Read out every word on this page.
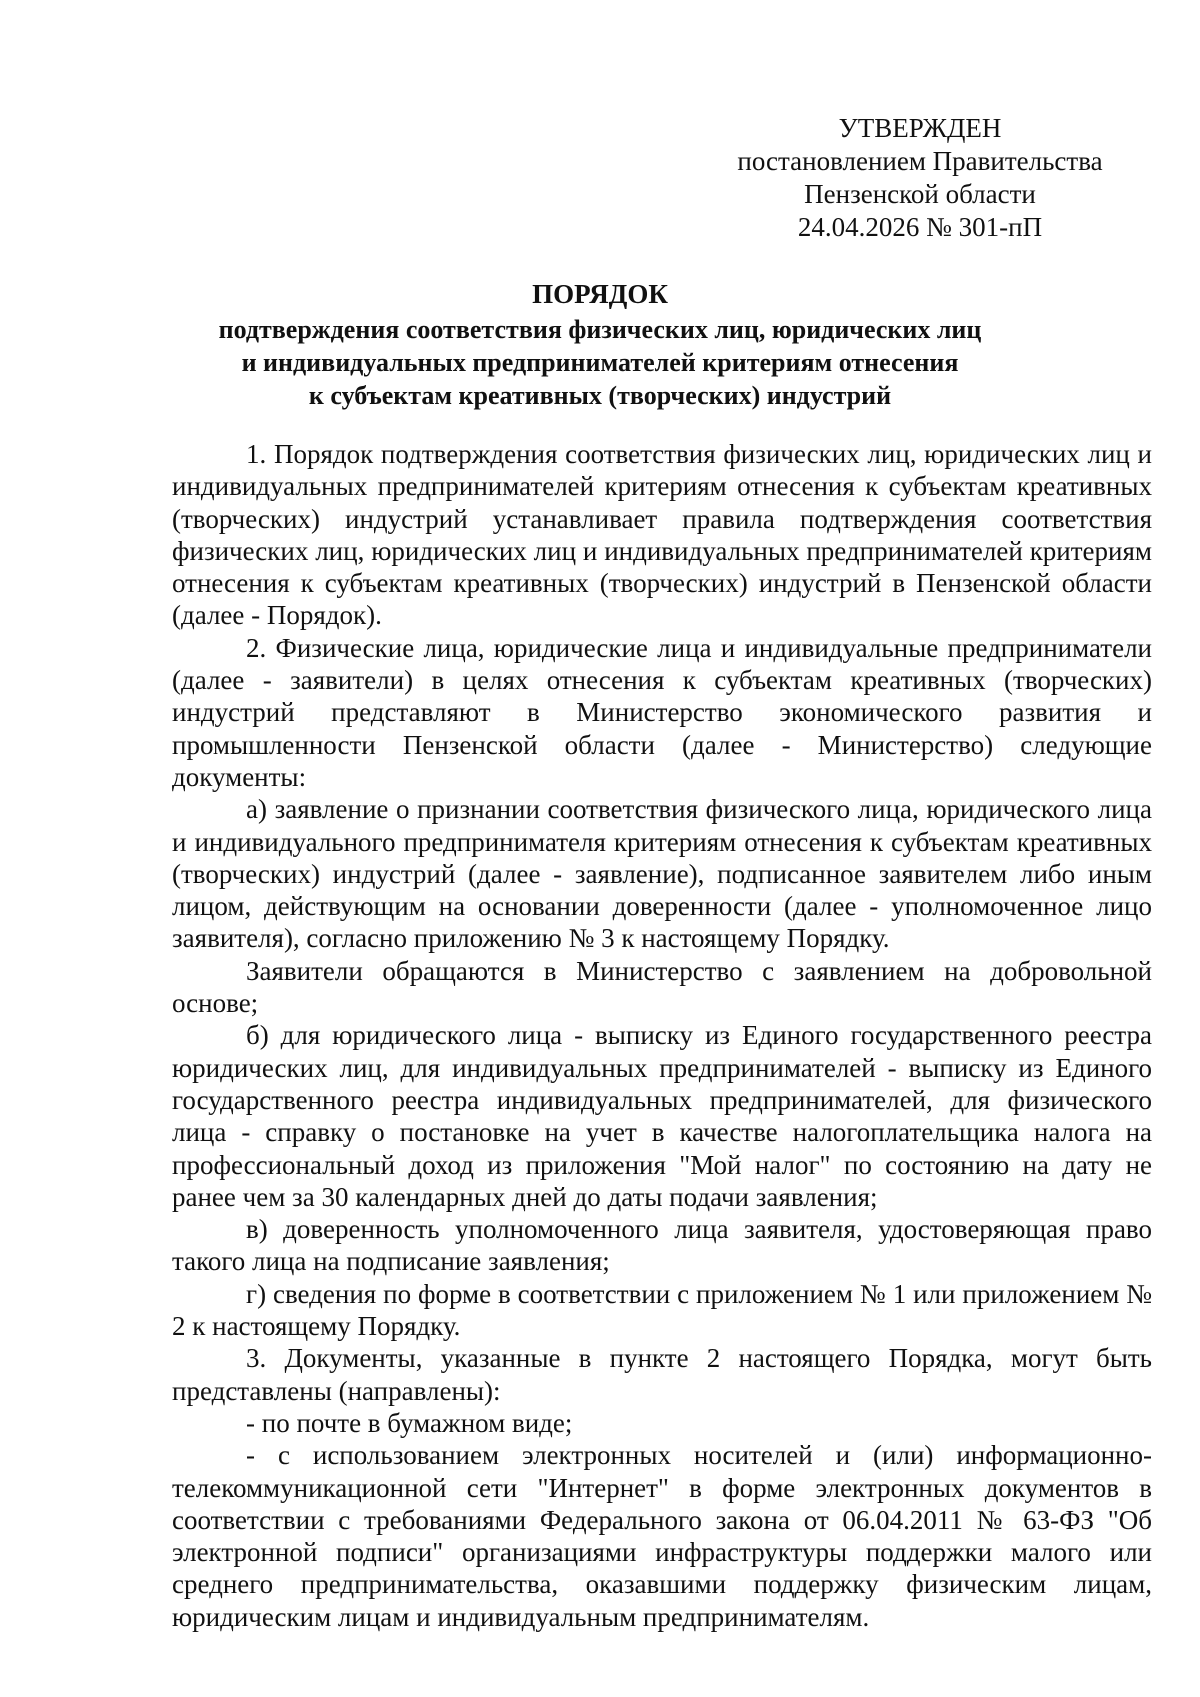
УТВЕРЖДЕН
постановлением Правительства
Пензенской области
24.04.2026 № 301-пП
ПОРЯДОК
подтверждения соответствия физических лиц, юридических лиц
и индивидуальных предпринимателей критериям отнесения
к субъектам креативных (творческих) индустрий

1. Порядок подтверждения соответствия физических лиц, юридических лиц и индивидуальных предпринимателей критериям отнесения к субъектам креативных (творческих) индустрий устанавливает правила подтверждения соответствия физических лиц, юридических лиц и индивидуальных предпринимателей критериям отнесения к субъектам креативных (творческих) индустрий в Пензенской области (далее - Порядок).

2. Физические лица, юридические лица и индивидуальные предприниматели (далее - заявители) в целях отнесения к субъектам креативных (творческих) индустрий представляют в Министерство экономического развития и промышленности Пензенской области (далее - Министерство) следующие документы:

а) заявление о признании соответствия физического лица, юридического лица и индивидуального предпринимателя критериям отнесения к субъектам креативных (творческих) индустрий (далее - заявление), подписанное заявителем либо иным лицом, действующим на основании доверенности (далее - уполномоченное лицо заявителя), согласно приложению № 3 к настоящему Порядку.

Заявители обращаются в Министерство с заявлением на добровольной основе;

б) для юридического лица - выписку из Единого государственного реестра юридических лиц, для индивидуальных предпринимателей - выписку из Единого государственного реестра индивидуальных предпринимателей, для физического лица - справку о постановке на учет в качестве налогоплательщика налога на профессиональный доход из приложения "Мой налог" по состоянию на дату не ранее чем за 30 календарных дней до даты подачи заявления;

в) доверенность уполномоченного лица заявителя, удостоверяющая право такого лица на подписание заявления;

г) сведения по форме в соответствии с приложением № 1 или приложением № 2 к настоящему Порядку.

3. Документы, указанные в пункте 2 настоящего Порядка, могут быть представлены (направлены):

- по почте в бумажном виде;

- с использованием электронных носителей и (или) информационно-телекоммуникационной сети "Интернет" в форме электронных документов в соответствии с требованиями Федерального закона от 06.04.2011 № 63-ФЗ "Об электронной подписи" организациями инфраструктуры поддержки малого или среднего предпринимательства, оказавшими поддержку физическим лицам, юридическим лицам и индивидуальным предпринимателям.
